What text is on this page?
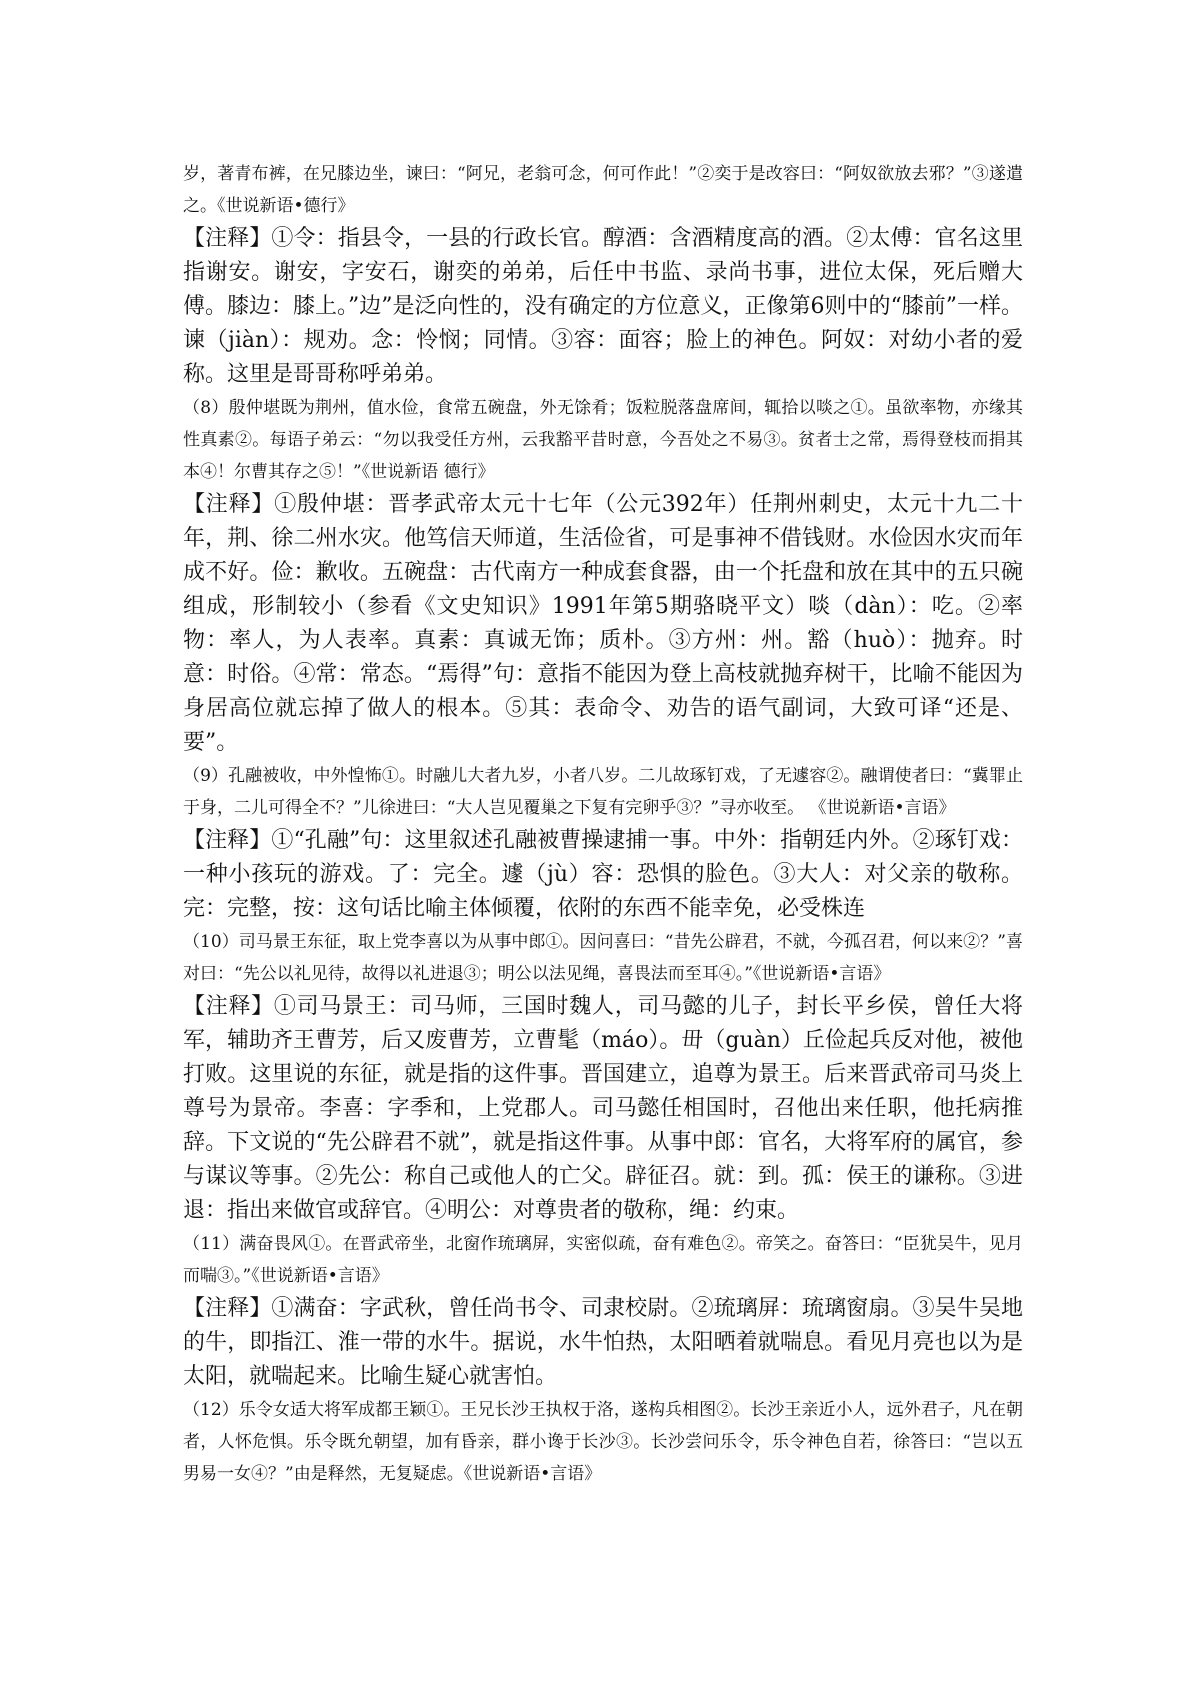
岁，著青布裤，在兄膝边坐，谏曰：“阿兄，老翁可念，何可作此！”②奕于是改容曰：“阿奴欲放去邪？”③遂遣之。《世说新语•德行》

【注释】①令：指县令，一县的行政长官。醇酒：含酒精度高的酒。②太傅：官名这里指谢安。谢安，字安石，谢奕的弟弟，后任中书监、录尚书事，进位太保，死后赠大傅。膝边：膝上。”边”是泛向性的，没有确定的方位意义，正像第6则中的“膝前”一样。谏（jiàn）：规劝。念：怜悯；同情。③容：面容；脸上的神色。阿奴：对幼小者的爱称。这里是哥哥称呼弟弟。

（8）殷仲堪既为荆州，值水俭，食常五碗盘，外无馀肴；饭粒脱落盘席间，辄拾以啖之①。虽欲率物，亦缘其性真素②。每语子弟云：“勿以我受任方州，云我豁平昔时意，今吾处之不易③。贫者士之常，焉得登枝而捐其本④！尔曹其存之⑤！”《世说新语 德行》

【注释】①殷仲堪：晋孝武帝太元十七年（公元392年）任荆州刺史，太元十九二十年，荆、徐二州水灾。他笃信天师道，生活俭省，可是事神不借钱财。水俭因水灾而年成不好。俭：歉收。五碗盘：古代南方一种成套食器，由一个托盘和放在其中的五只碗组成，形制较小（参看《文史知识》1991年第5期骆晓平文）啖（dàn）：吃。②率物：率人，为人表率。真素：真诚无饰；质朴。③方州：州。豁（huò）：抛弃。时意：时俗。④常：常态。“焉得”句：意指不能因为登上高枝就抛弃树干，比喻不能因为身居高位就忘掉了做人的根本。⑤其：表命令、劝告的语气副词，大致可译“还是、要”。

（9）孔融被收，中外惶怖①。时融儿大者九岁，小者八岁。二儿故琢钉戏，了无遽容②。融谓使者曰：“冀罪止于身，二儿可得全不？”儿徐进曰：“大人岂见覆巢之下复有完卵乎③？”寻亦收至。 《世说新语•言语》

【注释】①“孔融”句：这里叙述孔融被曹操逮捕一事。中外：指朝廷内外。②琢钉戏：一种小孩玩的游戏。了：完全。遽（jù）容：恐惧的脸色。③大人：对父亲的敬称。完：完整，按：这句话比喻主体倾覆，依附的东西不能幸免，必受株连

（10）司马景王东征，取上党李喜以为从事中郎①。因问喜曰：“昔先公辟君，不就，今孤召君，何以来②？”喜对曰：“先公以礼见待，故得以礼进退③；明公以法见绳，喜畏法而至耳④。”《世说新语•言语》

【注释】①司马景王：司马师，三国时魏人，司马懿的儿子，封长平乡侯，曾任大将军，辅助齐王曹芳，后又废曹芳，立曹髦（máo）。毌（guàn）丘俭起兵反对他，被他打败。这里说的东征，就是指的这件事。晋国建立，追尊为景王。后来晋武帝司马炎上尊号为景帝。李喜：字季和，上党郡人。司马懿任相国时，召他出来任职，他托病推辞。下文说的“先公辟君不就”，就是指这件事。从事中郎：官名，大将军府的属官，参与谋议等事。②先公：称自己或他人的亡父。辟征召。就：到。孤：侯王的谦称。③进退：指出来做官或辞官。④明公：对尊贵者的敬称，绳：约束。

（11）满奋畏风①。在晋武帝坐，北窗作琉璃屏，实密似疏，奋有难色②。帝笑之。奋答曰：“臣犹吴牛，见月而喘③。”《世说新语•言语》

【注释】①满奋：字武秋，曾任尚书令、司隶校尉。②琉璃屏：琉璃窗扇。③吴牛吴地的牛，即指江、淮一带的水牛。据说，水牛怕热，太阳晒着就喘息。看见月亮也以为是太阳，就喘起来。比喻生疑心就害怕。

（12）乐令女适大将军成都王颖①。王兄长沙王执权于洛，遂构兵相图②。长沙王亲近小人，远外君子，凡在朝者，人怀危惧。乐令既允朝望，加有昏亲，群小谗于长沙③。长沙尝问乐令，乐令神色自若，徐答曰：“岂以五男易一女④？”由是释然，无复疑虑。《世说新语•言语》
